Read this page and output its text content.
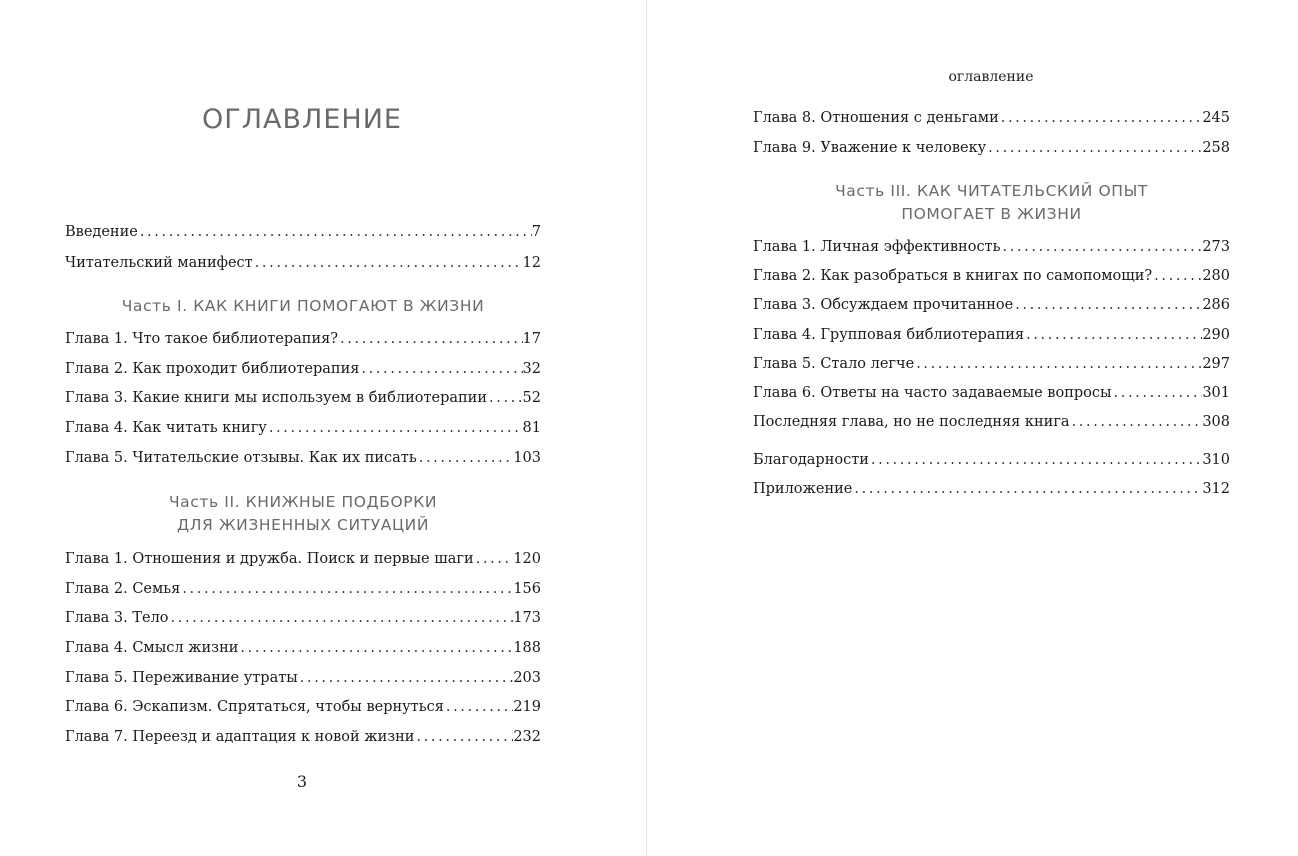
ОГЛАВЛЕНИЕ
Введение . . .	7
Читательский манифест . . .	12
Часть I. КАК КНИГИ ПОМОГАЮТ В ЖИЗНИ
Глава 1. Что такое библиотерапия? . . .	17
Глава 2. Как проходит библиотерапия . . .	32
Глава 3. Какие книги мы используем в библиотерапии . . . 52
Глава 4. Как читать книгу . . .	81
Глава 5. Читательские отзывы. Как их писать . . .	103
Часть II. КНИЖНЫЕ ПОДБОРКИ
ДЛЯ ЖИЗНЕННЫХ СИТУАЦИЙ
Глава 1. Отношения и дружба. Поиск и первые шаги . . .	120
Глава 2. Семья . . .	156
Глава 3. Тело . . .	173
Глава 4. Смысл жизни . . .	188
Глава 5. Переживание утраты . . .	203
Глава 6. Эскапизм. Спрятаться, чтобы вернуться . . .	219
Глава 7. Переезд и адаптация к новой жизни . . .	232
3
оглавление
Глава 8. Отношения с деньгами . . .	245
Глава 9. Уважение к человеку . . .	258
Часть III. КАК ЧИТАТЕЛЬСКИЙ ОПЫТ
ПОМОГАЕТ В ЖИЗНИ
Глава 1. Личная эффективность . . .	273
Глава 2. Как разобраться в книгах по самопомощи? . . .	280
Глава 3. Обсуждаем прочитанное . . .	286
Глава 4. Групповая библиотерапия . . .	290
Глава 5. Стало легче . . .	297
Глава 6. Ответы на часто задаваемые вопросы . . .	301
Последняя глава, но не последняя книга . . .	308
Благодарности . . .	310
Приложение . . .	312
